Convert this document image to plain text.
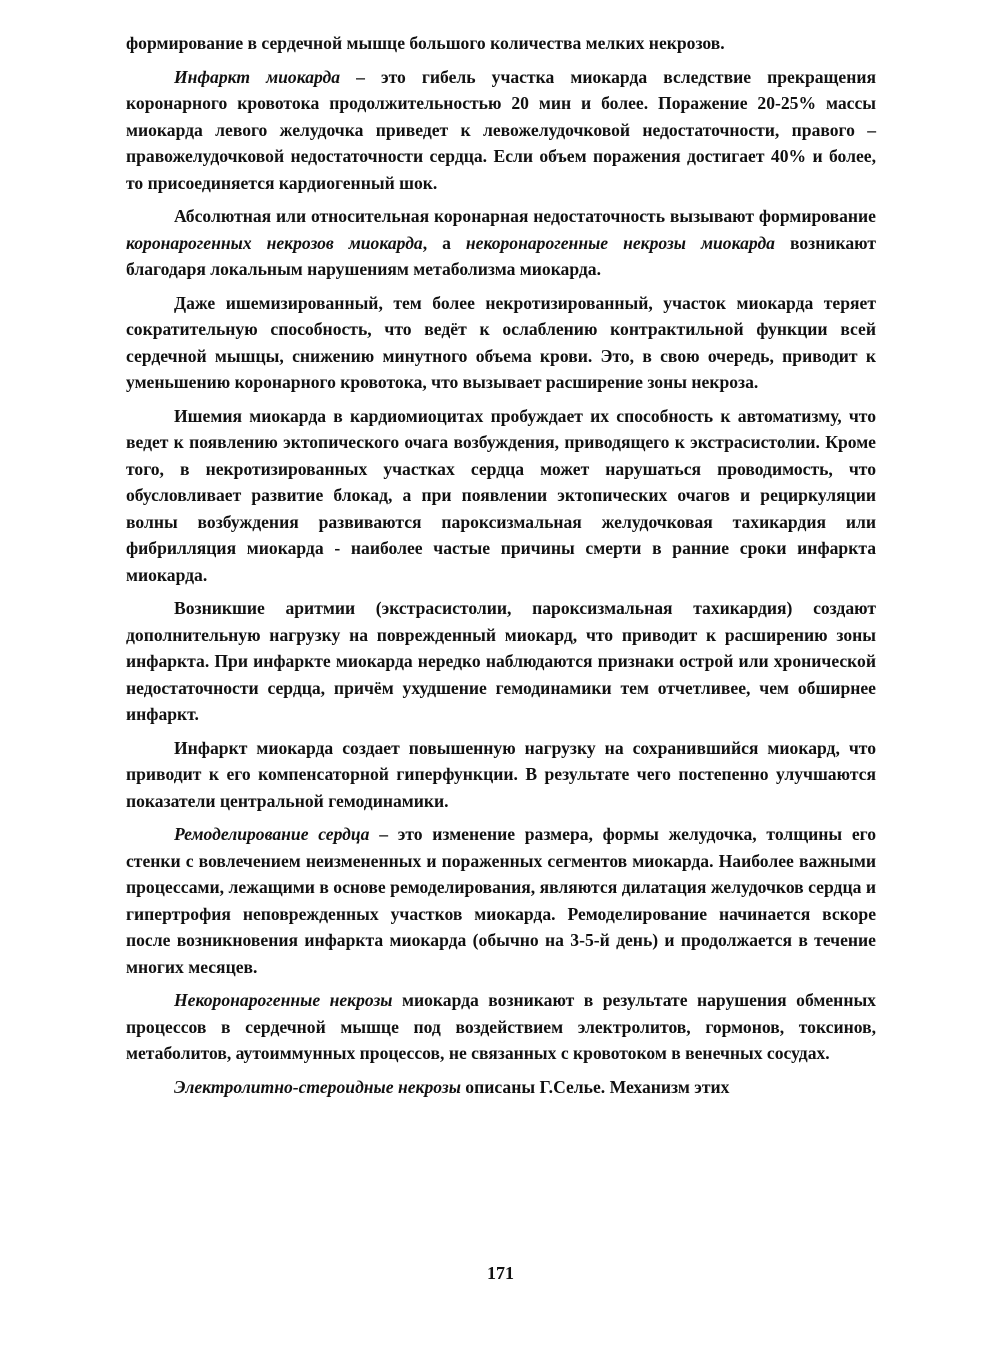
формирование в сердечной мышце большого количества мелких некрозов.

Инфаркт миокарда – это гибель участка миокарда вследствие прекращения коронарного кровотока продолжительностью 20 мин и более. Поражение 20-25% массы миокарда левого желудочка приведет к левожелудочковой недостаточности, правого – правожелудочковой недостаточности сердца. Если объем поражения достигает 40% и более, то присоединяется кардиогенный шок.

Абсолютная или относительная коронарная недостаточность вызывают формирование коронарогенных некрозов миокарда, а некоронарогенные некрозы миокарда возникают благодаря локальным нарушениям метаболизма миокарда.

Даже ишемизированный, тем более некротизированный, участок миокарда теряет сократительную способность, что ведёт к ослаблению контрактильной функции всей сердечной мышцы, снижению минутного объема крови. Это, в свою очередь, приводит к уменьшению коронарного кровотока, что вызывает расширение зоны некроза.

Ишемия миокарда в кардиомиоцитах пробуждает их способность к автоматизму, что ведет к появлению эктопического очага возбуждения, приводящего к экстрасистолии. Кроме того, в некротизированных участках сердца может нарушаться проводимость, что обусловливает развитие блокад, а при появлении эктопических очагов и рециркуляции волны возбуждения развиваются пароксизмальная желудочковая тахикардия или фибрилляция миокарда - наиболее частые причины смерти в ранние сроки инфаркта миокарда.

Возникшие аритмии (экстрасистолии, пароксизмальная тахикардия) создают дополнительную нагрузку на поврежденный миокард, что приводит к расширению зоны инфаркта. При инфаркте миокарда нередко наблюдаются признаки острой или хронической недостаточности сердца, причём ухудшение гемодинамики тем отчетливее, чем обширнее инфаркт.

Инфаркт миокарда создает повышенную нагрузку на сохранившийся миокард, что приводит к его компенсаторной гиперфункции. В результате чего постепенно улучшаются показатели центральной гемодинамики.

Ремоделирование сердца – это изменение размера, формы желудочка, толщины его стенки с вовлечением неизмененных и пораженных сегментов миокарда. Наиболее важными процессами, лежащими в основе ремоделирования, являются дилатация желудочков сердца и гипертрофия неповрежденных участков миокарда. Ремоделирование начинается вскоре после возникновения инфаркта миокарда (обычно на 3-5-й день) и продолжается в течение многих месяцев.

Некоронарогенные некрозы миокарда возникают в результате нарушения обменных процессов в сердечной мышце под воздействием электролитов, гормонов, токсинов, метаболитов, аутоиммунных процессов, не связанных с кровотоком в венечных сосудах.

Электролитно-стероидные некрозы описаны Г.Селье. Механизм этих

171
